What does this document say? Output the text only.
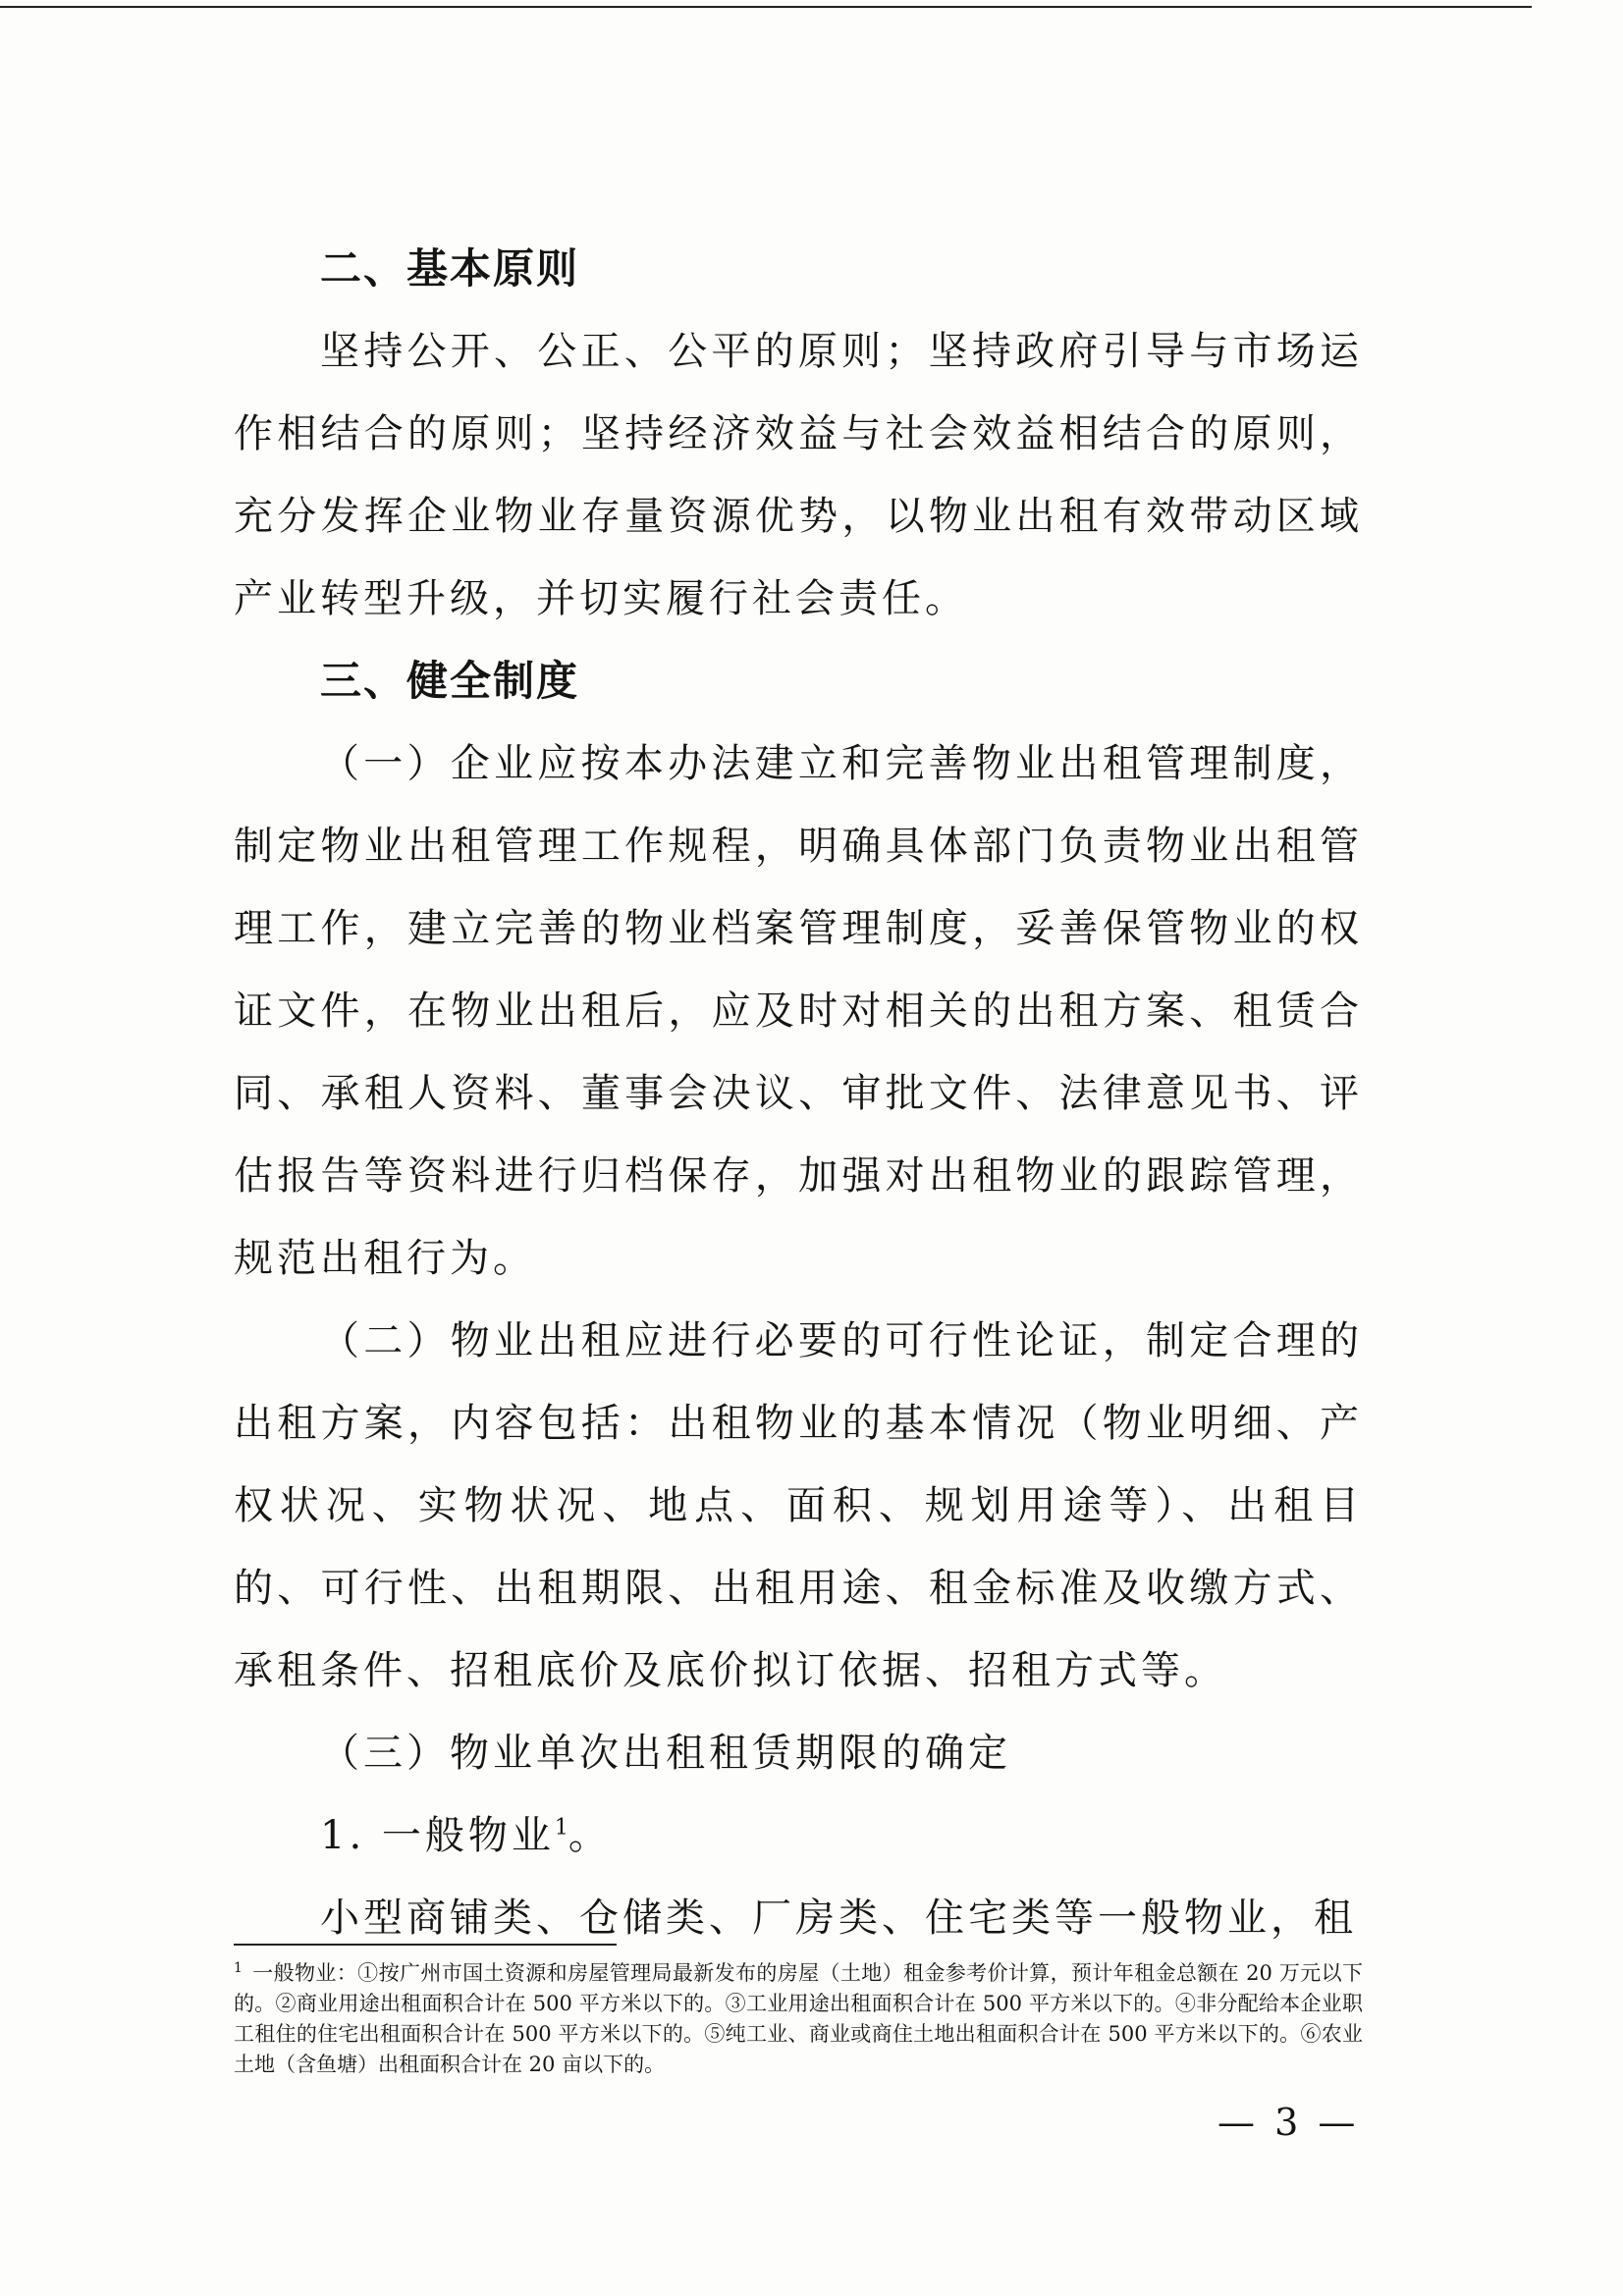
二、基本原则

坚持公开、公正、公平的原则；坚持政府引导与市场运作相结合的原则；坚持经济效益与社会效益相结合的原则，充分发挥企业物业存量资源优势，以物业出租有效带动区域产业转型升级，并切实履行社会责任。

三、健全制度

（一）企业应按本办法建立和完善物业出租管理制度，制定物业出租管理工作规程，明确具体部门负责物业出租管理工作，建立完善的物业档案管理制度，妥善保管物业的权证文件，在物业出租后，应及时对相关的出租方案、租赁合同、承租人资料、董事会决议、审批文件、法律意见书、评估报告等资料进行归档保存，加强对出租物业的跟踪管理，规范出租行为。

（二）物业出租应进行必要的可行性论证，制定合理的出租方案，内容包括：出租物业的基本情况（物业明细、产权状况、实物状况、地点、面积、规划用途等）、出租目的、可行性、出租期限、出租用途、租金标准及收缴方式、承租条件、招租底价及底价拟订依据、招租方式等。

（三）物业单次出租租赁期限的确定

1. 一般物业$^1$。

小型商铺类、仓储类、厂房类、住宅类等一般物业，租

$^1$ 一般物业：①按广州市国土资源和房屋管理局最新发布的房屋（土地）租金参考价计算，预计年租金总额在 20 万元以下的。②商业用途出租面积合计在 500 平方米以下的。③工业用途出租面积合计在 500 平方米以下的。④非分配给本企业职工租住的住宅出租面积合计在 500 平方米以下的。⑤纯工业、商业或商住土地出租面积合计在 500 平方米以下的。⑥农业土地（含鱼塘）出租面积合计在 20 亩以下的。

— 3 —
